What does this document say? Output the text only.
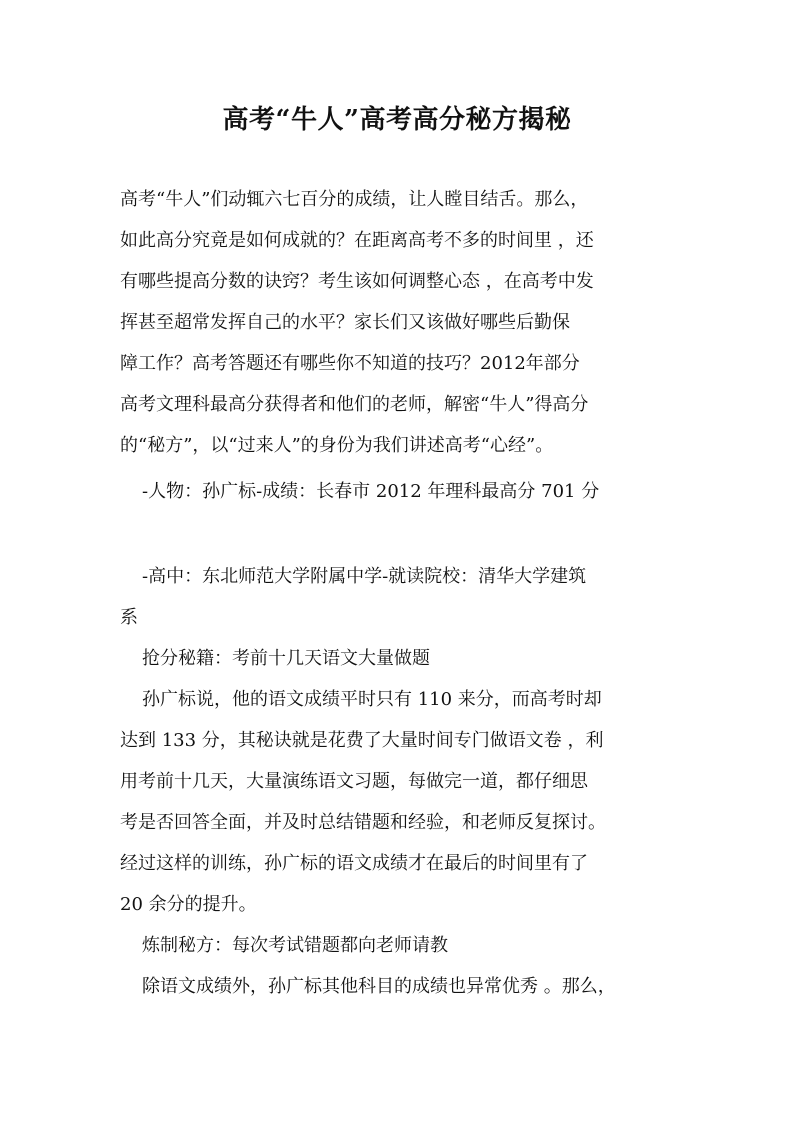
高考“牛人”高考高分秘方揭秘
高考“牛人”们动辄六七百分的成绩，让人瞠目结舌。那么，
如此高分究竟是如何成就的？在距离高考不多的时间里 ，还
有哪些提高分数的诀窍？考生该如何调整心态 ，在高考中发
挥甚至超常发挥自己的水平？家长们又该做好哪些后勤保
障工作？高考答题还有哪些你不知道的技巧？2012年部分
高考文理科最高分获得者和他们的老师，解密“牛人”得高分
的“秘方”，以“过来人”的身份为我们讲述高考“心经”。
-人物：孙广标-成绩：长春市 2012 年理科最高分 701 分
-高中：东北师范大学附属中学-就读院校：清华大学建筑
系
抢分秘籍：考前十几天语文大量做题
孙广标说，他的语文成绩平时只有 110 来分，而高考时却
达到 133 分，其秘诀就是花费了大量时间专门做语文卷 ，利
用考前十几天，大量演练语文习题，每做完一道，都仔细思
考是否回答全面，并及时总结错题和经验，和老师反复探讨。
经过这样的训练，孙广标的语文成绩才在最后的时间里有了
20 余分的提升。
炼制秘方：每次考试错题都向老师请教
除语文成绩外，孙广标其他科目的成绩也异常优秀 。那么，
